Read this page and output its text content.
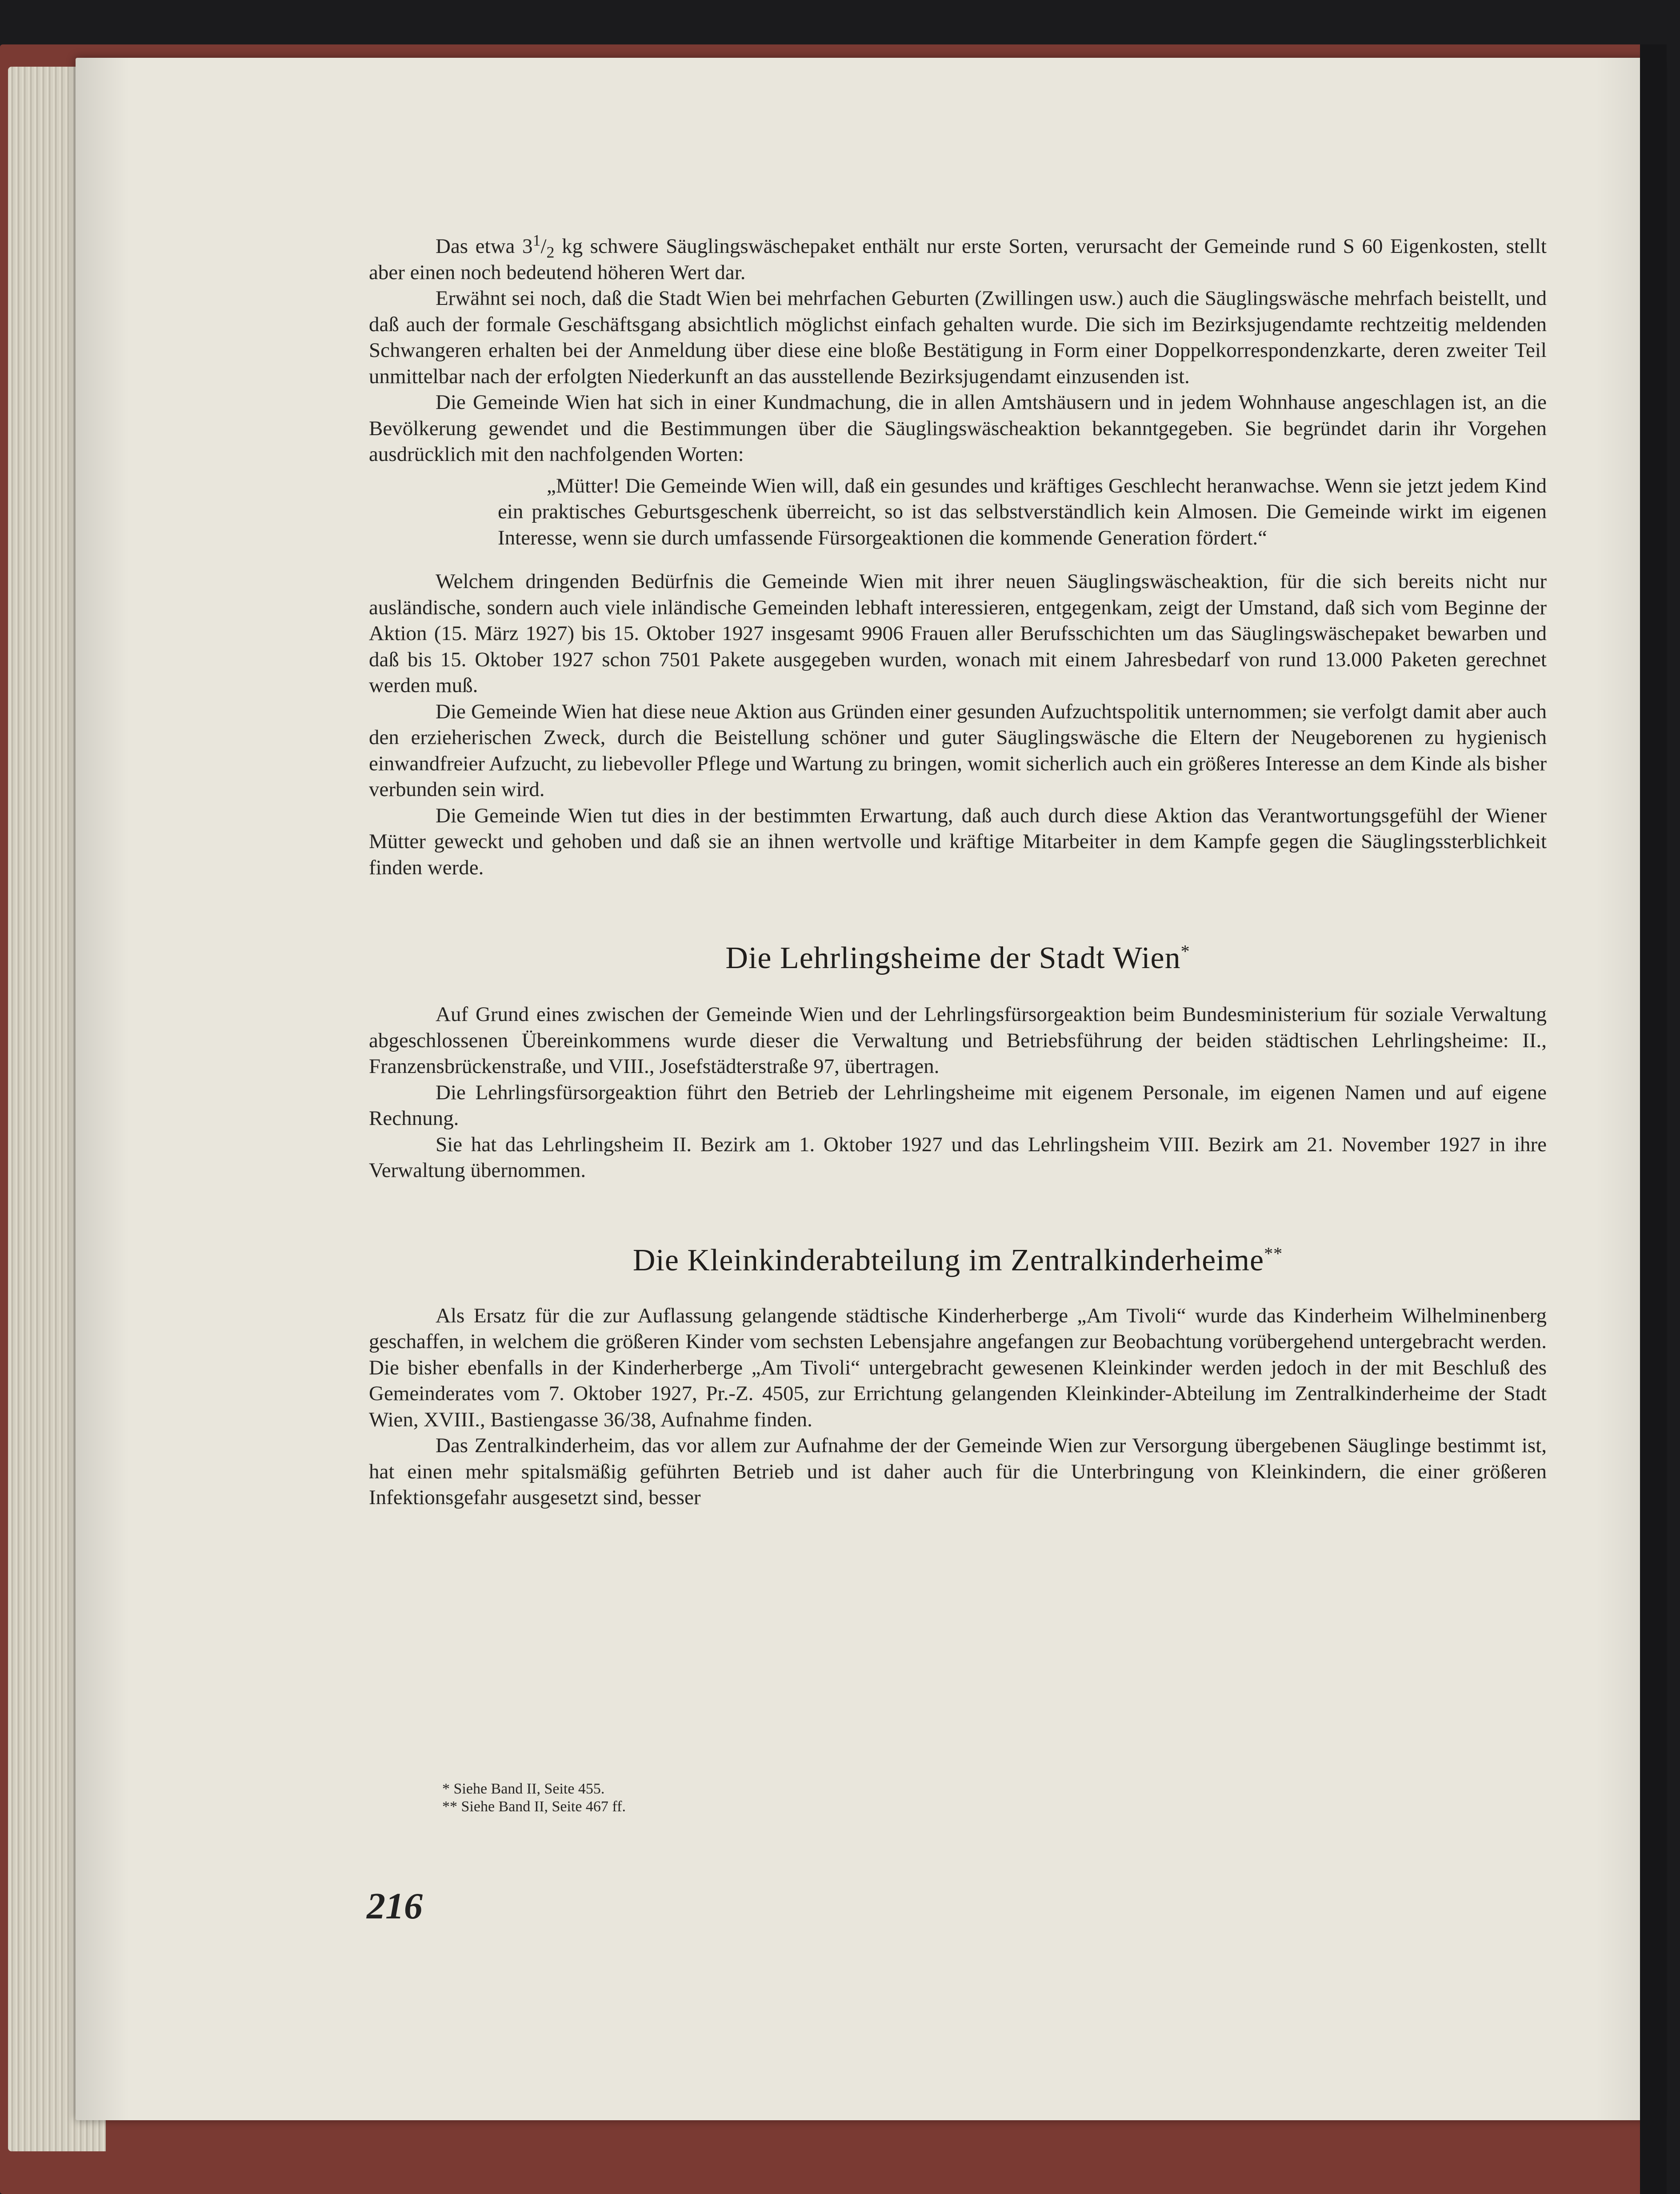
Das etwa $3^1/_2$ kg schwere Säuglingswäschepaket enthält nur erste Sorten, verursacht der Gemeinde rund S 60 Eigenkosten, stellt aber einen noch bedeutend höheren Wert dar.

Erwähnt sei noch, daß die Stadt Wien bei mehrfachen Geburten (Zwillingen usw.) auch die Säuglingswäsche mehrfach beistellt, und daß auch der formale Geschäftsgang absichtlich möglichst einfach gehalten wurde. Die sich im Bezirksjugendamte rechtzeitig meldenden Schwangeren erhalten bei der Anmeldung über diese eine bloße Bestätigung in Form einer Doppelkorrespondenzkarte, deren zweiter Teil unmittelbar nach der erfolgten Niederkunft an das ausstellende Bezirksjugendamt einzusenden ist.

Die Gemeinde Wien hat sich in einer Kundmachung, die in allen Amtshäusern und in jedem Wohnhause angeschlagen ist, an die Bevölkerung gewendet und die Bestimmungen über die Säuglingswäscheaktion bekanntgegeben. Sie begründet darin ihr Vorgehen ausdrücklich mit den nachfolgenden Worten:

„Mütter! Die Gemeinde Wien will, daß ein gesundes und kräftiges Geschlecht heranwachse. Wenn sie jetzt jedem Kind ein praktisches Geburtsgeschenk überreicht, so ist das selbstverständlich kein Almosen. Die Gemeinde wirkt im eigenen Interesse, wenn sie durch umfassende Fürsorgeaktionen die kommende Generation fördert.“

Welchem dringenden Bedürfnis die Gemeinde Wien mit ihrer neuen Säuglingswäscheaktion, für die sich bereits nicht nur ausländische, sondern auch viele inländische Gemeinden lebhaft interessieren, entgegenkam, zeigt der Umstand, daß sich vom Beginne der Aktion (15. März 1927) bis 15. Oktober 1927 insgesamt 9906 Frauen aller Berufsschichten um das Säuglingswäschepaket bewarben und daß bis 15. Oktober 1927 schon 7501 Pakete ausgegeben wurden, wonach mit einem Jahresbedarf von rund 13.000 Paketen gerechnet werden muß.

Die Gemeinde Wien hat diese neue Aktion aus Gründen einer gesunden Aufzuchtspolitik unternommen; sie verfolgt damit aber auch den erzieherischen Zweck, durch die Beistellung schöner und guter Säuglingswäsche die Eltern der Neugeborenen zu hygienisch einwandfreier Aufzucht, zu liebevoller Pflege und Wartung zu bringen, womit sicherlich auch ein größeres Interesse an dem Kinde als bisher verbunden sein wird.

Die Gemeinde Wien tut dies in der bestimmten Erwartung, daß auch durch diese Aktion das Verantwortungsgefühl der Wiener Mütter geweckt und gehoben und daß sie an ihnen wertvolle und kräftige Mitarbeiter in dem Kampfe gegen die Säuglingssterblichkeit finden werde.

Die Lehrlingsheime der Stadt Wien*

Auf Grund eines zwischen der Gemeinde Wien und der Lehrlingsfürsorgeaktion beim Bundesministerium für soziale Verwaltung abgeschlossenen Übereinkommens wurde dieser die Verwaltung und Betriebsführung der beiden städtischen Lehrlingsheime: II., Franzensbrückenstraße, und VIII., Josefstädterstraße 97, übertragen.

Die Lehrlingsfürsorgeaktion führt den Betrieb der Lehrlingsheime mit eigenem Personale, im eigenen Namen und auf eigene Rechnung.

Sie hat das Lehrlingsheim II. Bezirk am 1. Oktober 1927 und das Lehrlingsheim VIII. Bezirk am 21. November 1927 in ihre Verwaltung übernommen.

Die Kleinkinderabteilung im Zentralkinderheime**

Als Ersatz für die zur Auflassung gelangende städtische Kinderherberge „Am Tivoli“ wurde das Kinderheim Wilhelminenberg geschaffen, in welchem die größeren Kinder vom sechsten Lebensjahre angefangen zur Beobachtung vorübergehend untergebracht werden. Die bisher ebenfalls in der Kinderherberge „Am Tivoli“ untergebracht gewesenen Kleinkinder werden jedoch in der mit Beschluß des Gemeinderates vom 7. Oktober 1927, Pr.-Z. 4505, zur Errichtung gelangenden Kleinkinder-Abteilung im Zentralkinderheime der Stadt Wien, XVIII., Bastiengasse 36/38, Aufnahme finden.

Das Zentralkinderheim, das vor allem zur Aufnahme der der Gemeinde Wien zur Versorgung übergebenen Säuglinge bestimmt ist, hat einen mehr spitalsmäßig geführten Betrieb und ist daher auch für die Unterbringung von Kleinkindern, die einer größeren Infektionsgefahr ausgesetzt sind, besser

* Siehe Band II, Seite 455.
** Siehe Band II, Seite 467 ff.
216
